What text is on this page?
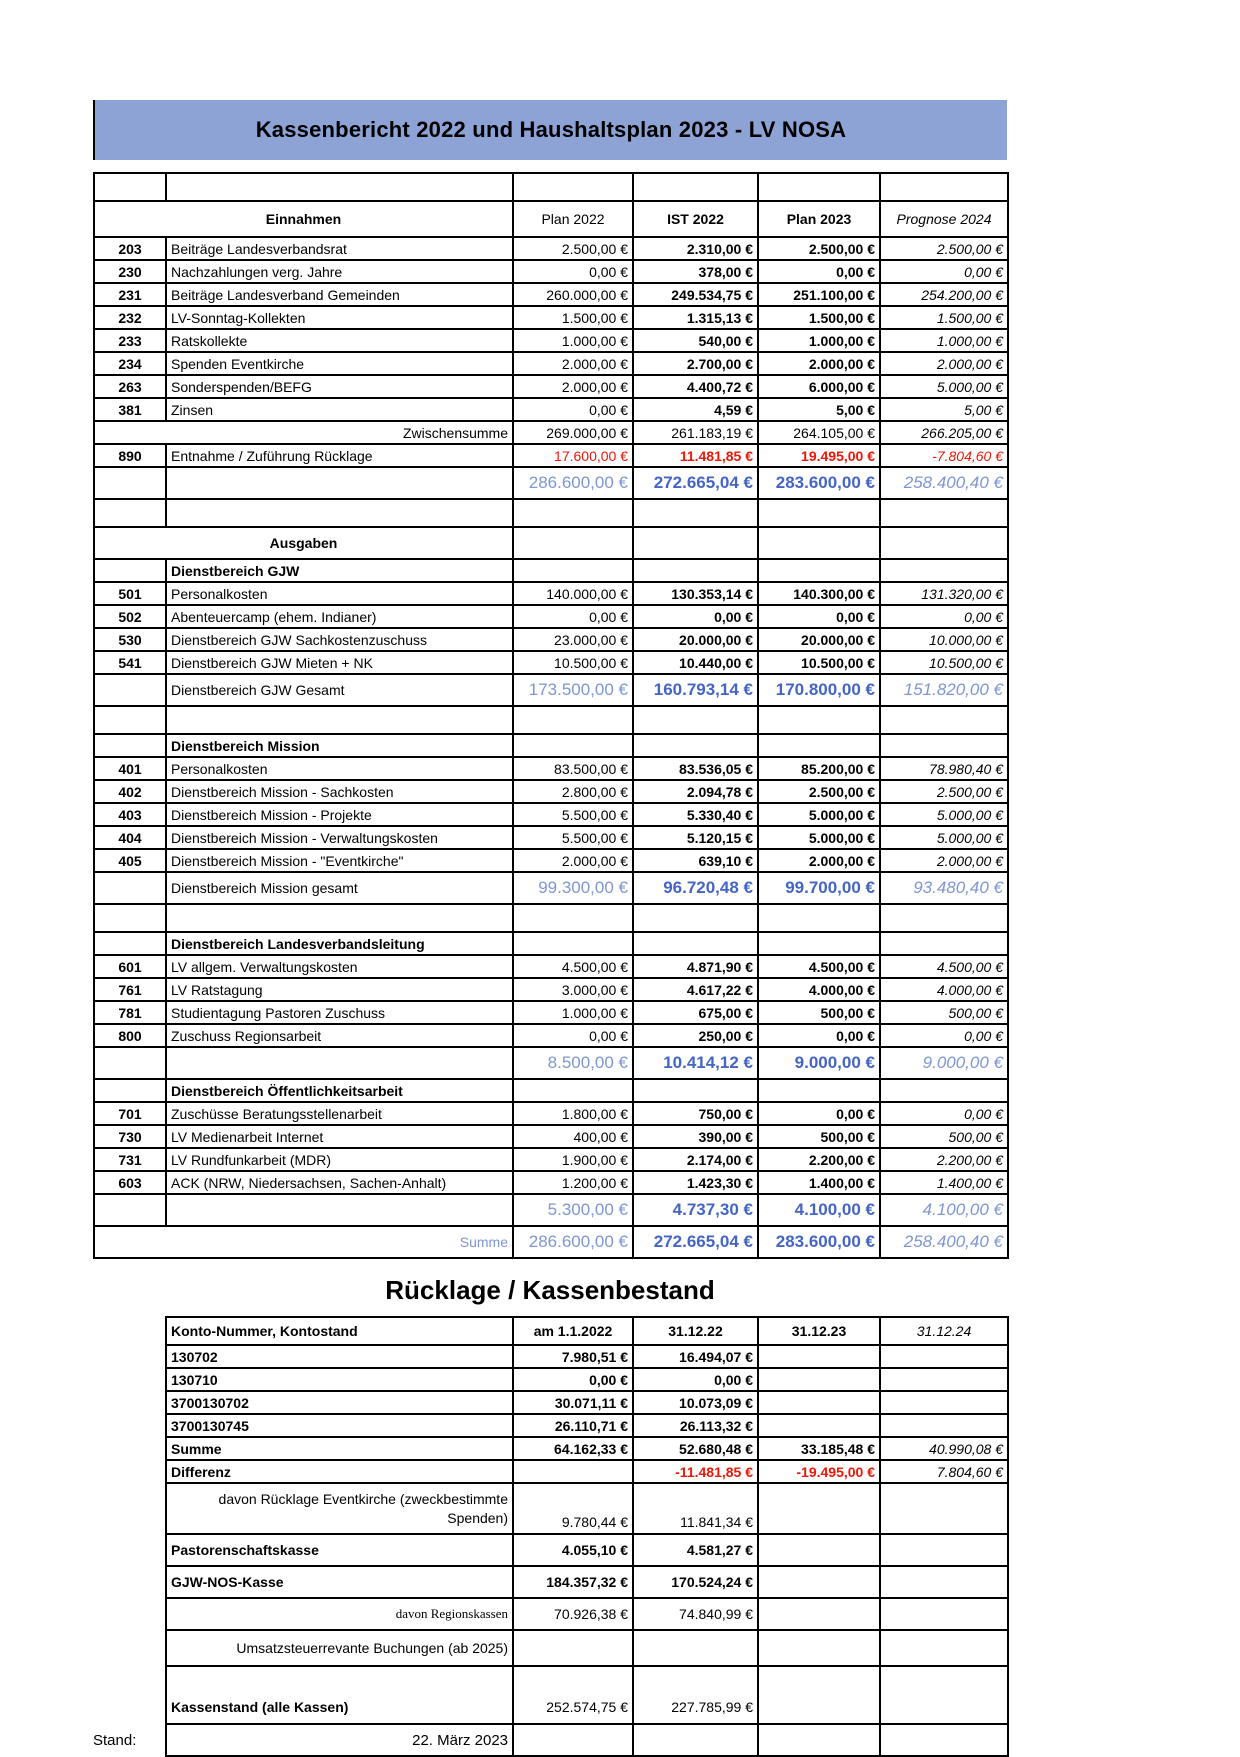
Kassenbericht 2022 und Haushaltsplan 2023 - LV NOSA

Einnahmen		Plan 2022	IST 2022	Plan 2023	Prognose 2024
203	Beiträge Landesverbandsrat	2.500,00 €	2.310,00 €	2.500,00 €	2.500,00 €
230	Nachzahlungen verg. Jahre	0,00 €	378,00 €	0,00 €	0,00 €
231	Beiträge Landesverband Gemeinden	260.000,00 €	249.534,75 €	251.100,00 €	254.200,00 €
232	LV-Sonntag-Kollekten	1.500,00 €	1.315,13 €	1.500,00 €	1.500,00 €
233	Ratskollekte	1.000,00 €	540,00 €	1.000,00 €	1.000,00 €
234	Spenden Eventkirche	2.000,00 €	2.700,00 €	2.000,00 €	2.000,00 €
263	Sonderspenden/BEFG	2.000,00 €	4.400,72 €	6.000,00 €	5.000,00 €
381	Zinsen	0,00 €	4,59 €	5,00 €	5,00 €
Zwischensumme		269.000,00 €	261.183,19 €	264.105,00 €	266.205,00 €
890	Entnahme / Zuführung Rücklage	17.600,00 €	11.481,85 €	19.495,00 €	-7.804,60 €
		286.600,00 €	272.665,04 €	283.600,00 €	258.400,40 €

Ausgaben					
	Dienstbereich GJW				
501	Personalkosten	140.000,00 €	130.353,14 €	140.300,00 €	131.320,00 €
502	Abenteuercamp (ehem. Indianer)	0,00 €	0,00 €	0,00 €	0,00 €
530	Dienstbereich GJW Sachkostenzuschuss	23.000,00 €	20.000,00 €	20.000,00 €	10.000,00 €
541	Dienstbereich GJW Mieten + NK	10.500,00 €	10.440,00 €	10.500,00 €	10.500,00 €
	Dienstbereich GJW Gesamt	173.500,00 €	160.793,14 €	170.800,00 €	151.820,00 €

	Dienstbereich Mission				
401	Personalkosten	83.500,00 €	83.536,05 €	85.200,00 €	78.980,40 €
402	Dienstbereich Mission - Sachkosten	2.800,00 €	2.094,78 €	2.500,00 €	2.500,00 €
403	Dienstbereich Mission - Projekte	5.500,00 €	5.330,40 €	5.000,00 €	5.000,00 €
404	Dienstbereich Mission - Verwaltungskosten	5.500,00 €	5.120,15 €	5.000,00 €	5.000,00 €
405	Dienstbereich Mission - "Eventkirche"	2.000,00 €	639,10 €	2.000,00 €	2.000,00 €
	Dienstbereich Mission gesamt	99.300,00 €	96.720,48 €	99.700,00 €	93.480,40 €

	Dienstbereich Landesverbandsleitung				
601	LV allgem. Verwaltungskosten	4.500,00 €	4.871,90 €	4.500,00 €	4.500,00 €
761	LV Ratstagung	3.000,00 €	4.617,22 €	4.000,00 €	4.000,00 €
781	Studientagung Pastoren Zuschuss	1.000,00 €	675,00 €	500,00 €	500,00 €
800	Zuschuss Regionsarbeit	0,00 €	250,00 €	0,00 €	0,00 €
		8.500,00 €	10.414,12 €	9.000,00 €	9.000,00 €
	Dienstbereich Öffentlichkeitsarbeit				
701	Zuschüsse Beratungsstellenarbeit	1.800,00 €	750,00 €	0,00 €	0,00 €
730	LV Medienarbeit Internet	400,00 €	390,00 €	500,00 €	500,00 €
731	LV Rundfunkarbeit (MDR)	1.900,00 €	2.174,00 €	2.200,00 €	2.200,00 €
603	ACK (NRW, Niedersachsen, Sachen-Anhalt)	1.200,00 €	1.423,30 €	1.400,00 €	1.400,00 €
		5.300,00 €	4.737,30 €	4.100,00 €	4.100,00 €
Summe		286.600,00 €	272.665,04 €	283.600,00 €	258.400,40 €
Rücklage / Kassenbestand
Konto-Nummer, Kontostand	am 1.1.2022	31.12.22	31.12.23	31.12.24
130702	7.980,51 €	16.494,07 €		
130710	0,00 €	0,00 €		
3700130702	30.071,11 €	10.073,09 €		
3700130745	26.110,71 €	26.113,32 €		
Summe	64.162,33 €	52.680,48 €	33.185,48 €	40.990,08 €
Differenz		-11.481,85 €	-19.495,00 €	7.804,60 €
davon Rücklage Eventkirche (zweckbestimmte Spenden)	9.780,44 €	11.841,34 €		
Pastorenschaftskasse	4.055,10 €	4.581,27 €		
GJW-NOS-Kasse	184.357,32 €	170.524,24 €		
davon Regionskassen	70.926,38 €	74.840,99 €		
Umsatzsteuerrevante Buchungen (ab 2025)				
Kassenstand (alle Kassen)	252.574,75 €	227.785,99 €		
22. März 2023				
Stand:
